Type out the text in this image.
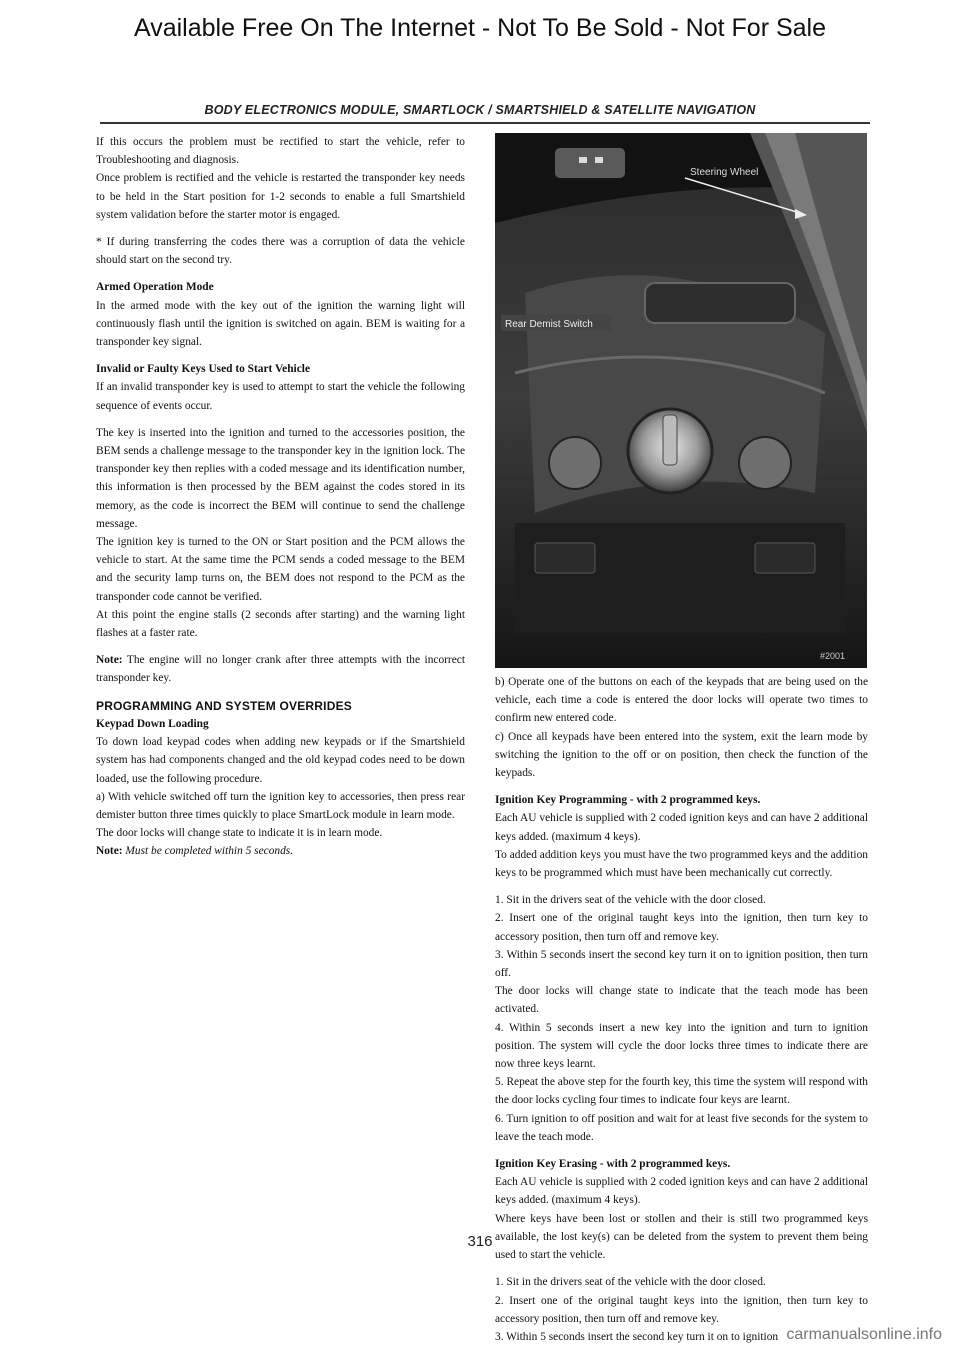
Available Free On The Internet - Not To Be Sold - Not For Sale
BODY ELECTRONICS MODULE, SMARTLOCK / SMARTSHIELD & SATELLITE NAVIGATION

If this occurs the problem must be rectified to start the vehicle, refer to Troubleshooting and diagnosis.

Once problem is rectified and the vehicle is restarted the transponder key needs to be held in the Start position for 1-2 seconds to enable a full Smartshield system validation before the starter motor is engaged.

* If during transferring the codes there was a corruption of data the vehicle should start on the second try.

Armed Operation Mode

In the armed mode with the key out of the ignition the warning light will continuously flash until the ignition is switched on again. BEM is waiting for a transponder key signal.

Invalid or Faulty Keys Used to Start Vehicle

If an invalid transponder key is used to attempt to start the vehicle the following sequence of events occur.

The key is inserted into the ignition and turned to the accessories position, the BEM sends a challenge message to the transponder key in the ignition lock. The transponder key then replies with a coded message and its identification number, this information is then processed by the BEM against the codes stored in its memory, as the code is incorrect the BEM will continue to send the challenge message.

The ignition key is turned to the ON or Start position and the PCM allows the vehicle to start. At the same time the PCM sends a coded message to the BEM and the security lamp turns on, the BEM does not respond to the PCM as the transponder code cannot be verified.

At this point the engine stalls (2 seconds after starting) and the warning light flashes at a faster rate.

Note: The engine will no longer crank after three attempts with the incorrect transponder key.

PROGRAMMING AND SYSTEM OVERRIDES
Keypad Down Loading

To down load keypad codes when adding new keypads or if the Smartshield system has had components changed and the old keypad codes need to be down loaded, use the following procedure.

a) With vehicle switched off turn the ignition key to accessories, then press rear demister button three times quickly to place SmartLock module in learn mode.

The door locks will change state to indicate it is in learn mode.

Note: Must be completed within 5 seconds.

Steering Wheel
Rear Demist Switch
#2001

b) Operate one of the buttons on each of the keypads that are being used on the vehicle, each time a code is entered the door locks will operate two times to confirm new entered code.

c) Once all keypads have been entered into the system, exit the learn mode by switching the ignition to the off or on position, then check the function of the keypads.

Ignition Key Programming - with 2 programmed keys.

Each AU vehicle is supplied with 2 coded ignition keys and can have 2 additional keys added. (maximum 4 keys).

To added addition keys you must have the two programmed keys and the addition keys to be programmed which must have been mechanically cut correctly.

1. Sit in the drivers seat of the vehicle with the door closed.

2. Insert one of the original taught keys into the ignition, then turn key to accessory position, then turn off and remove key.

3. Within 5 seconds insert the second key turn it on to ignition position, then turn off.

The door locks will change state to indicate that the teach mode has been activated.

4. Within 5 seconds insert a new key into the ignition and turn to ignition position. The system will cycle the door locks three times to indicate there are now three keys learnt.

5. Repeat the above step for the fourth key, this time the system will respond with the door locks cycling four times to indicate four keys are learnt.

6. Turn ignition to off position and wait for at least five seconds for the system to leave the teach mode.

Ignition Key Erasing - with 2 programmed keys.

Each AU vehicle is supplied with 2 coded ignition keys and can have 2 additional keys added. (maximum 4 keys).

Where keys have been lost or stollen and their is still two programmed keys available, the lost key(s) can be deleted from the system to prevent them being used to start the vehicle.

1. Sit in the drivers seat of the vehicle with the door closed.

2. Insert one of the original taught keys into the ignition, then turn key to accessory position, then turn off and remove key.

3. Within 5 seconds insert the second key turn it on to ignition

316
carmanualsonline.info
